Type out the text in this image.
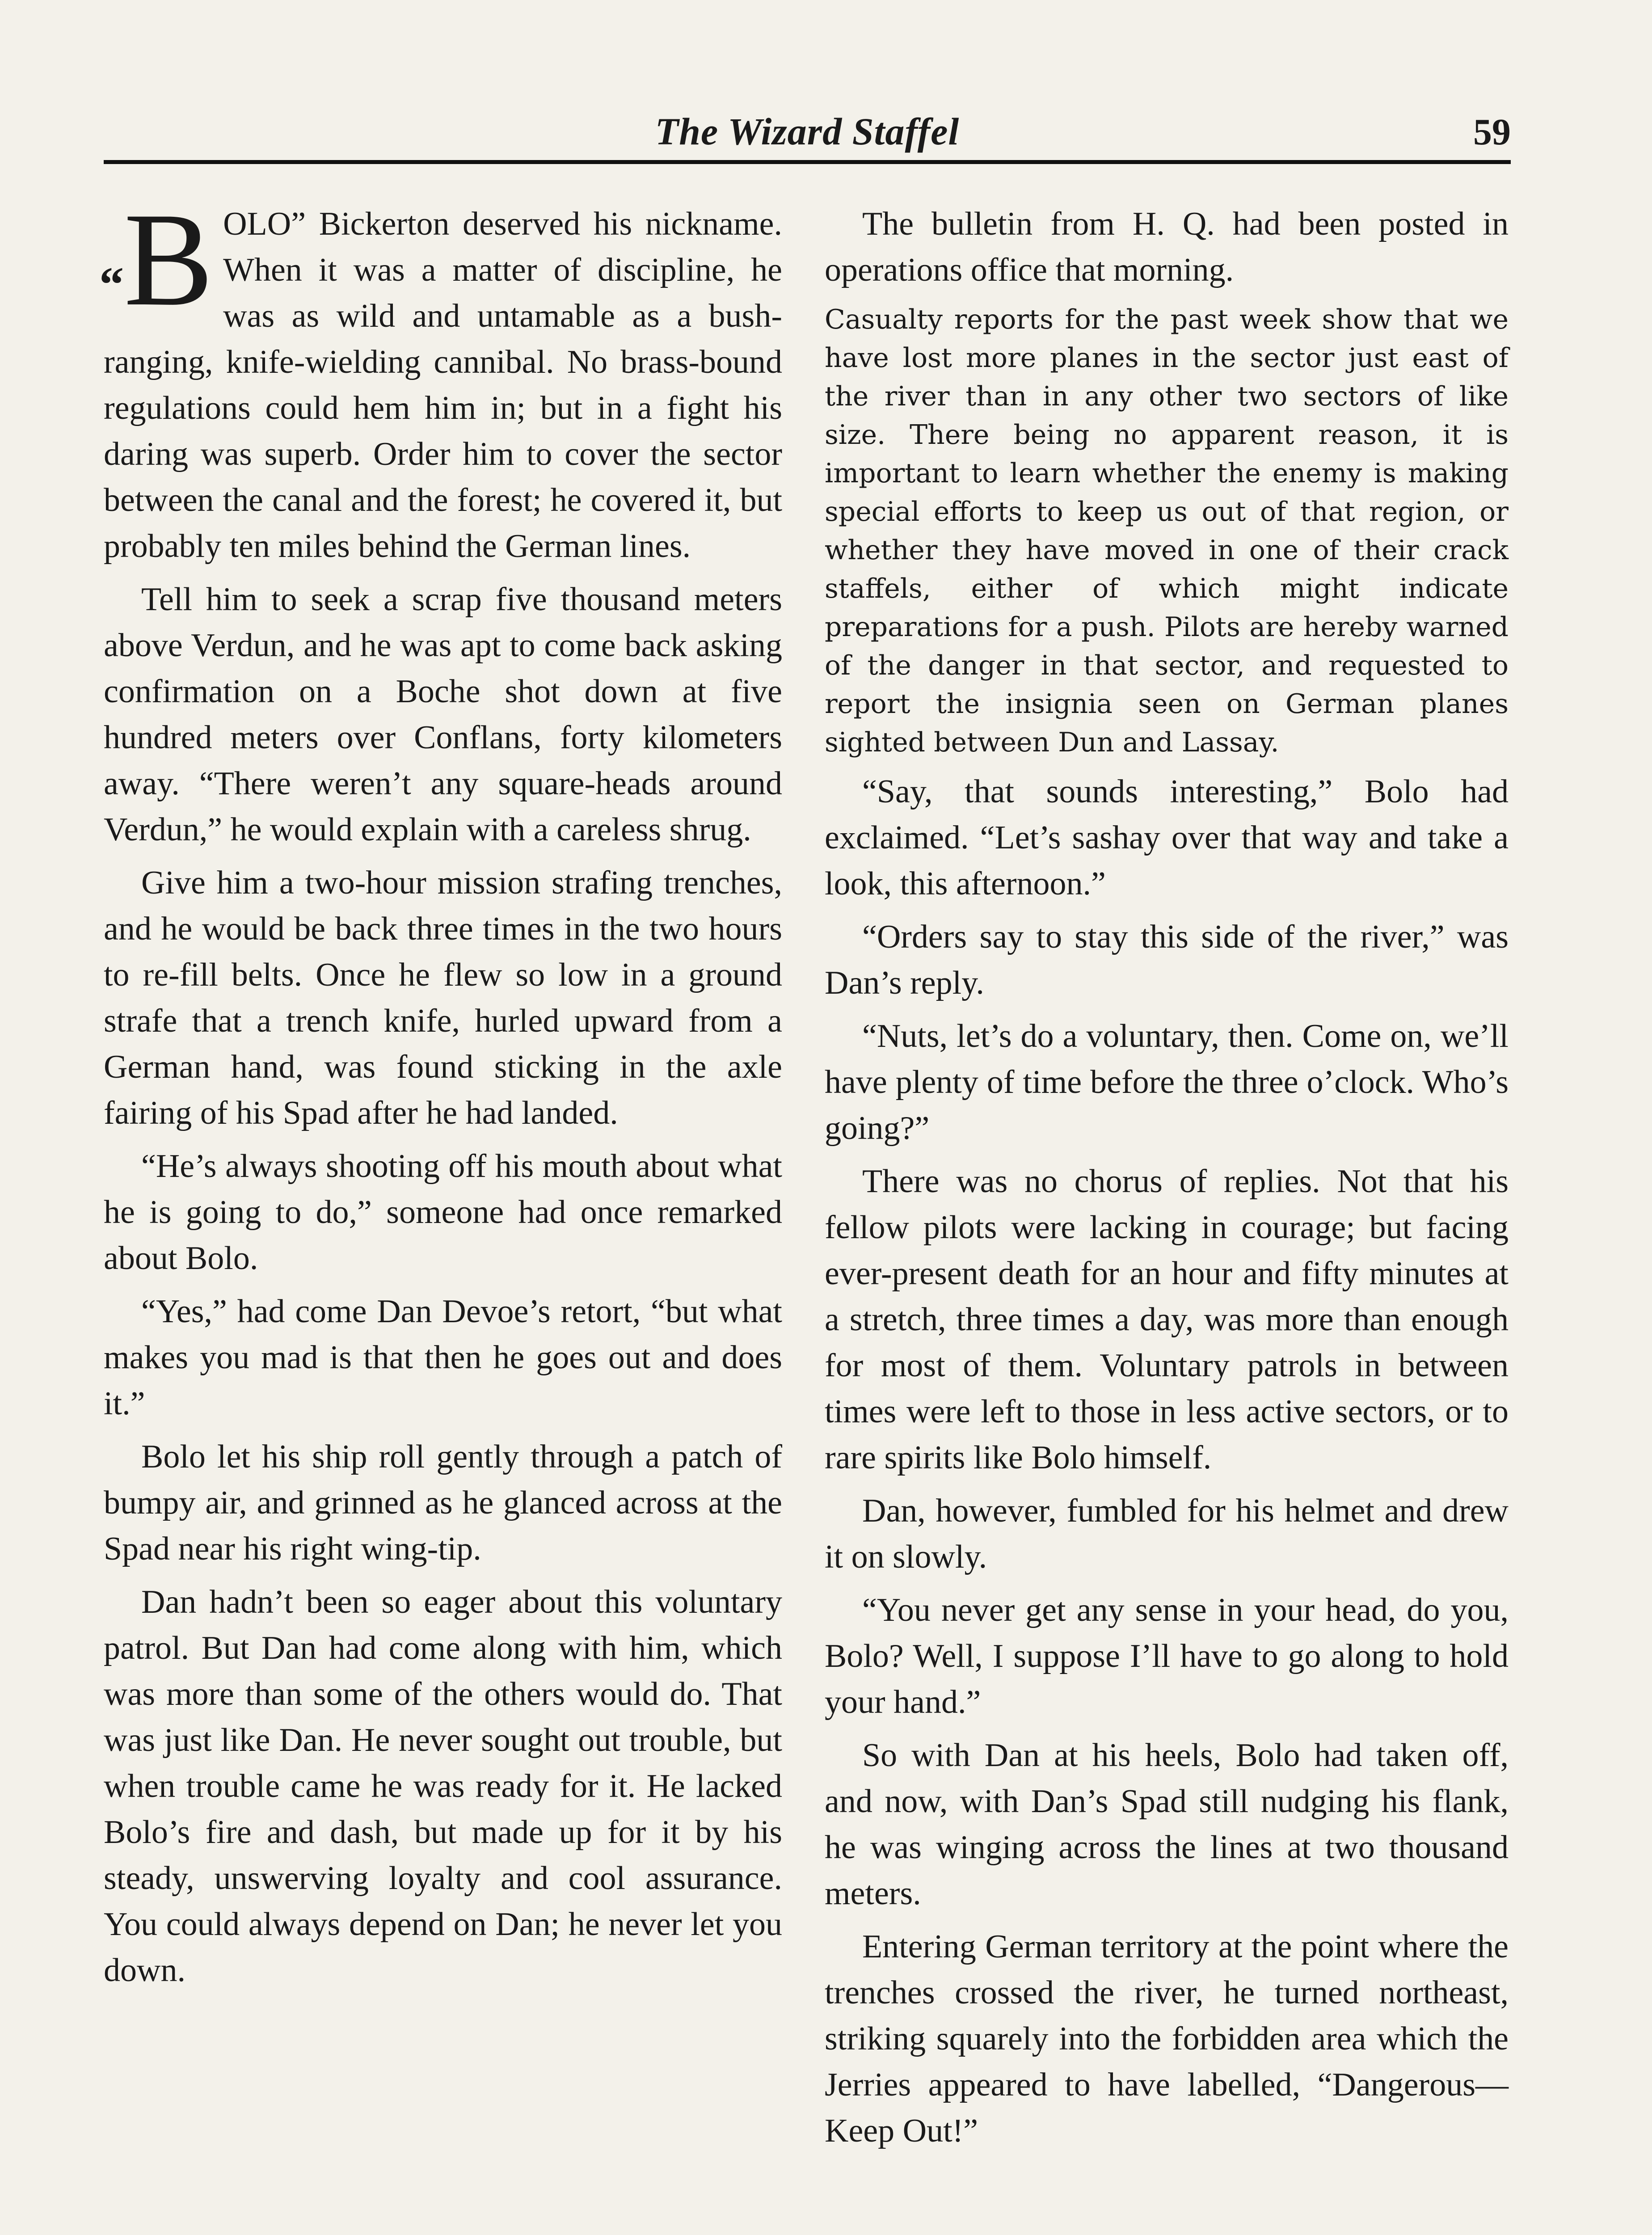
The Wizard Staffel	59

“B OLO” Bickerton deserved his nickname. When it was a matter of discipline, he was as wild and untamable as a bush-ranging, knife-wielding cannibal. No brass-bound regulations could hem him in; but in a fight his daring was superb. Order him to cover the sector between the canal and the forest; he covered it, but probably ten miles behind the German lines.

Tell him to seek a scrap five thousand meters above Verdun, and he was apt to come back asking confirmation on a Boche shot down at five hundred meters over Conflans, forty kilometers away. “There weren’t any square-heads around Verdun,” he would explain with a careless shrug.

Give him a two-hour mission strafing trenches, and he would be back three times in the two hours to re-fill belts. Once he flew so low in a ground strafe that a trench knife, hurled upward from a German hand, was found sticking in the axle fairing of his Spad after he had landed.

“He’s always shooting off his mouth about what he is going to do,” someone had once remarked about Bolo.

“Yes,” had come Dan Devoe’s retort, “but what makes you mad is that then he goes out and does it.”

Bolo let his ship roll gently through a patch of bumpy air, and grinned as he glanced across at the Spad near his right wing-tip.

Dan hadn’t been so eager about this voluntary patrol. But Dan had come along with him, which was more than some of the others would do. That was just like Dan. He never sought out trouble, but when trouble came he was ready for it. He lacked Bolo’s fire and dash, but made up for it by his steady, unswerving loyalty and cool assurance. You could always depend on Dan; he never let you down.

The bulletin from H. Q. had been posted in operations office that morning.

Casualty reports for the past week show that we have lost more planes in the sector just east of the river than in any other two sectors of like size. There being no apparent reason, it is important to learn whether the enemy is making special efforts to keep us out of that region, or whether they have moved in one of their crack staffels, either of which might indicate preparations for a push. Pilots are hereby warned of the danger in that sector, and requested to report the insignia seen on German planes sighted between Dun and Lassay.

“Say, that sounds interesting,” Bolo had exclaimed. “Let’s sashay over that way and take a look, this afternoon.”

“Orders say to stay this side of the river,” was Dan’s reply.

“Nuts, let’s do a voluntary, then. Come on, we’ll have plenty of time before the three o’clock. Who’s going?”

There was no chorus of replies. Not that his fellow pilots were lacking in courage; but facing ever-present death for an hour and fifty minutes at a stretch, three times a day, was more than enough for most of them. Voluntary patrols in between times were left to those in less active sectors, or to rare spirits like Bolo himself.

Dan, however, fumbled for his helmet and drew it on slowly.

“You never get any sense in your head, do you, Bolo? Well, I suppose I’ll have to go along to hold your hand.”

So with Dan at his heels, Bolo had taken off, and now, with Dan’s Spad still nudging his flank, he was winging across the lines at two thousand meters.

Entering German territory at the point where the trenches crossed the river, he turned northeast, striking squarely into the forbidden area which the Jerries appeared to have labelled, “Dangerous—Keep Out!”
